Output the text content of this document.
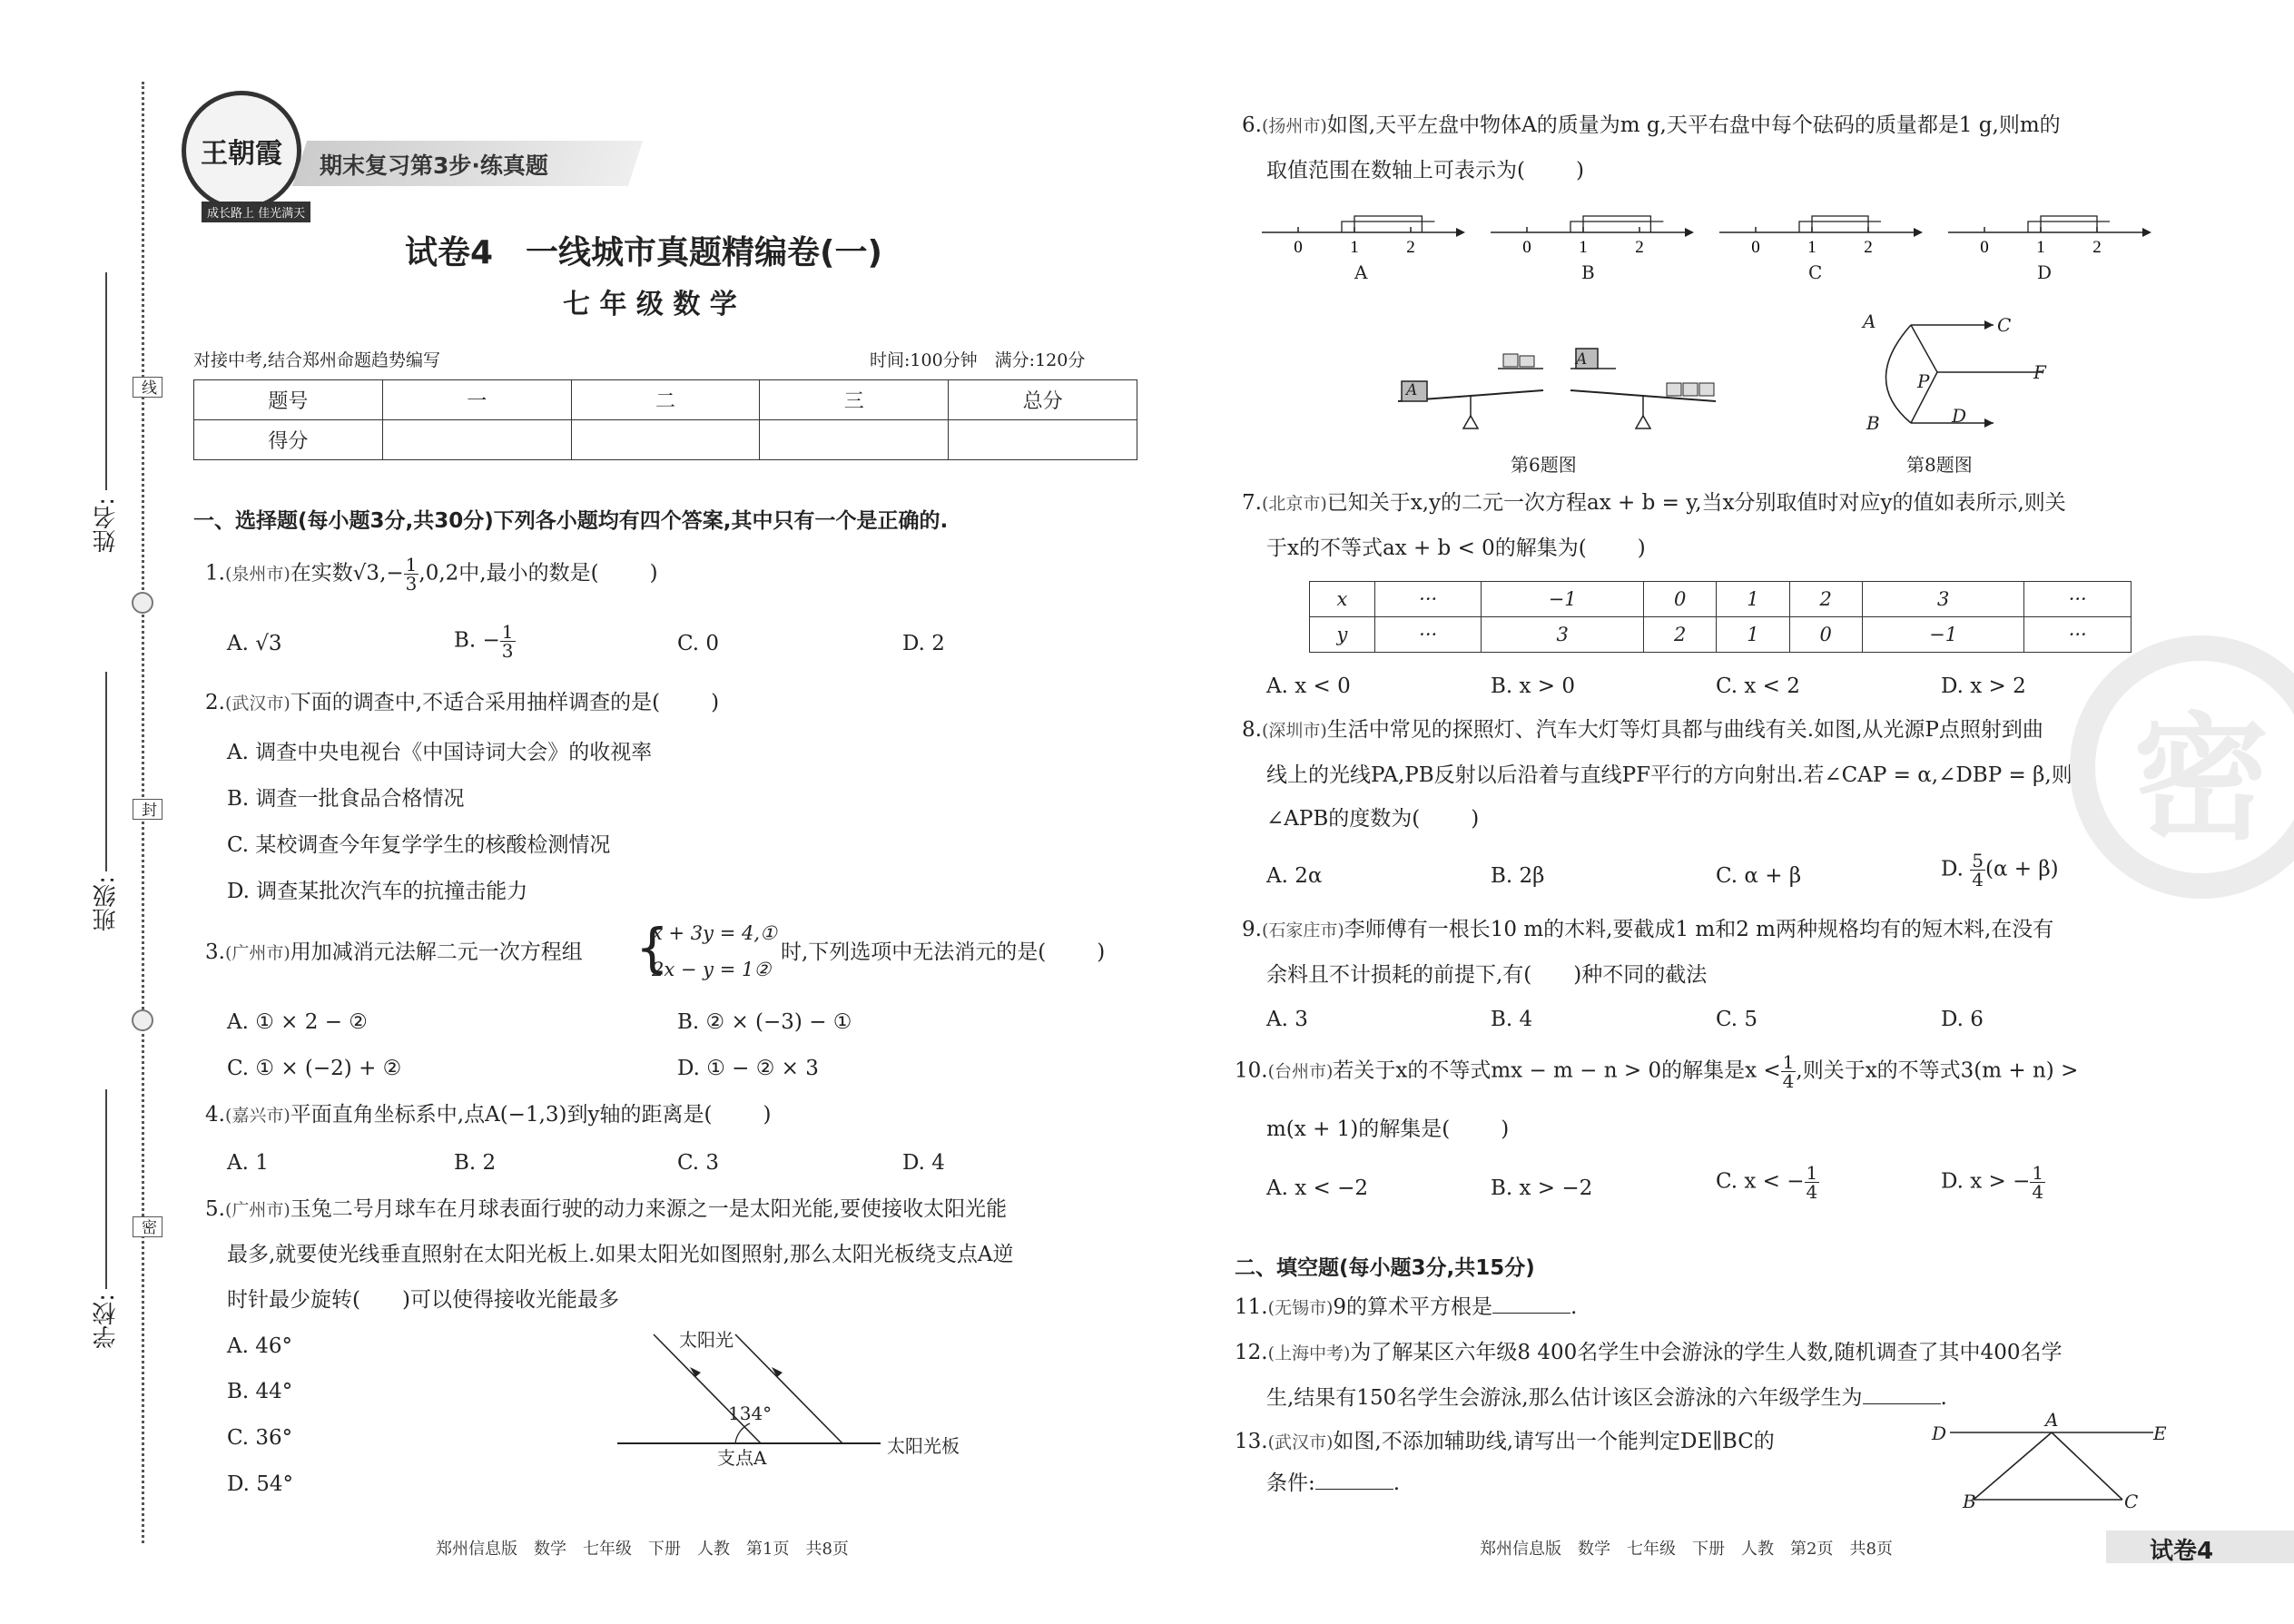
姓名:
班级:
学校:
线
封
密
王朝霞
成长路上 佳光满天
期末复习第3步·练真题
试卷4　一线城市真题精编卷(一)
七 年 级 数 学
对接中考,结合郑州命题趋势编写	时间:100分钟　满分:120分
题号	一	二	三	总分
得分				
一、选择题(每小题3分,共30分)下列各小题均有四个答案,其中只有一个是正确的.
1.(泉州市)在实数$√3,- \frac{1}{3} ,0,2$中,最小的数是( )
A. √3	B. − $\frac{1}{3}$	C. 0	D. 2
2.(武汉市)下面的调查中,不适合采用抽样调查的是( )
A. 调查中央电视台《中国诗词大会》的收视率
B. 调查一批食品合格情况
C. 某校调查今年复学学生的核酸检测情况
D. 调查某批次汽车的抗撞击能力
3.(广州市)用加减消元法解二元一次方程组 {
x + 3y = 4,①
2x − y = 1②
时,下列选项中无法消元的是( )
A. ① × 2 − ②	B. ② × (−3) − ①
C. ① × (−2) + ②	D. ① − ② × 3
4.(嘉兴市)平面直角坐标系中,点A(−1,3)到y轴的距离是( )
A. 1	B. 2	C. 3	D. 4
5.(广州市)玉兔二号月球车在月球表面行驶的动力来源之一是太阳光能,要使接收太阳光能
最多,就要使光线垂直照射在太阳光板上.如果太阳光如图照射,那么太阳光板绕支点A逆
时针最少旋转(　　)可以使得接收光能最多
A. 46°
B. 44°
C. 36°
D. 54°
太阳光
134°
支点A
太阳光板
郑州信息版　数学　七年级　下册　人教　第1页　共8页
6.(扬州市)如图,天平左盘中物体A的质量为m g,天平右盘中每个砝码的质量都是1 g,则m的
取值范围在数轴上可表示为( )
0	1	2	0	1	2	0	1	2	0	1	2
A	B	C	D
A
A
第6题图
A	C
P	F
B	D
第8题图
7.(北京市)已知关于x,y的二元一次方程ax + b = y,当x分别取值时对应y的值如表所示,则关
于x的不等式ax + b < 0的解集为( )
x	···	−1	0	1	2	3	···
y	···	3	2	1	0	−1	···
A. x < 0	B. x > 0	C. x < 2	D. x > 2
8.(深圳市)生活中常见的探照灯、汽车大灯等灯具都与曲线有关.如图,从光源P点照射到曲
线上的光线PA,PB反射以后沿着与直线PF平行的方向射出.若∠CAP = α,∠DBP = β,则
∠APB的度数为( )
A. 2α	B. 2β	C. α + β	D. $\frac{5}{4} (\alpha + \beta)$
9.(石家庄市)李师傅有一根长10 m的木料,要截成1 m和2 m两种规格均有的短木料,在没有
余料且不计损耗的前提下,有(　　 )种不同的截法
A. 3	B. 4	C. 5	D. 6
10.(台州市)若关于x的不等式mx − m − n > 0的解集是$x < \frac{1}{4}$ ,则关于x的不等式3(m + n) >
m(x + 1)的解集是( )
A. x < −2	B. x > −2	C. x < − $\frac{1}{4}$	D. x > − $\frac{1}{4}$
二、填空题(每小题3分,共15分)
11.(无锡市)9的算术平方根是	.
12.(上海中考)为了解某区六年级8 400名学生中会游泳的学生人数,随机调查了其中400名学
生,结果有150名学生会游泳,那么估计该区会游泳的六年级学生为	.
13.(武汉市)如图,不添加辅助线,请写出一个能判定DE∥BC的
条件:	.
D
A
E
B	C
密
郑州信息版　数学　七年级　下册　人教　第2页　共8页	试卷4
